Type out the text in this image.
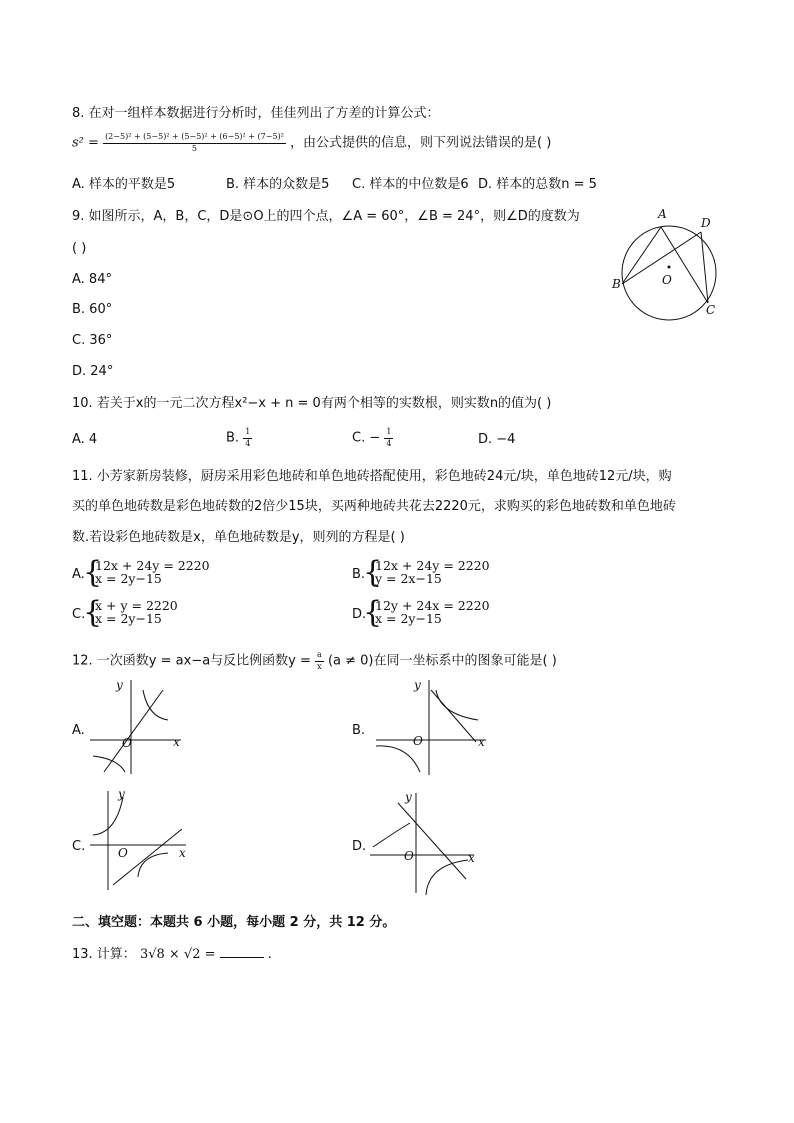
8. 在对一组样本数据进行分析时，佳佳列出了方差的计算公式：
$s^2 = \frac{\text{(2−5)² + (5−5)² + (5−5)² + (6−5)² + (7−5)²}}{5}$ ，由公式提供的信息，则下列说法错误的是( )
A. 样本的平数是5	B. 样本的众数是5 C. 样本的中位数是6 D. 样本的总数n = 5
9. 如图所示，A，B，C，D是⊙O上的四个点，∠A = 60°，∠B = 24°，则∠D的度数为
( )
A. 84°
B. 60°
C. 36°
D. 24°
A
D
B
C
O
10. 若关于x的一元二次方程x²−x + n = 0有两个相等的实数根，则实数n的值为( )
A. 4	B. $\frac{1}{4}$	C. − $\frac{1}{4}$	D. −4
11. 小芳家新房装修，厨房采用彩色地砖和单色地砖搭配使用，彩色地砖24元/块，单色地砖12元/块，购
买的单色地砖数是彩色地砖数的2倍少15块，买两种地砖共花去2220元，求购买的彩色地砖数和单色地砖
数.若设彩色地砖数是x，单色地砖数是y，则列的方程是( )
A.
{
12x + 24y = 2220
x = 2y−15	B.
{
12x + 24y = 2220
y = 2x−15
C.
{
x + y = 2220
x = 2y−15	D.
{
12y + 24x = 2220
x = 2y−15
12. 一次函数y = ax−a与反比例函数$y = \frac{a}{x} (a \ne 0)$在同一坐标系中的图象可能是( )
A.
y
x
O
B.
y
x
O
C.
y
x
O	D.
y
x
O
二、填空题：本题共 6 小题，每小题 2 分，共 12 分。
13. 计算： 3√8 × √2 =	.
